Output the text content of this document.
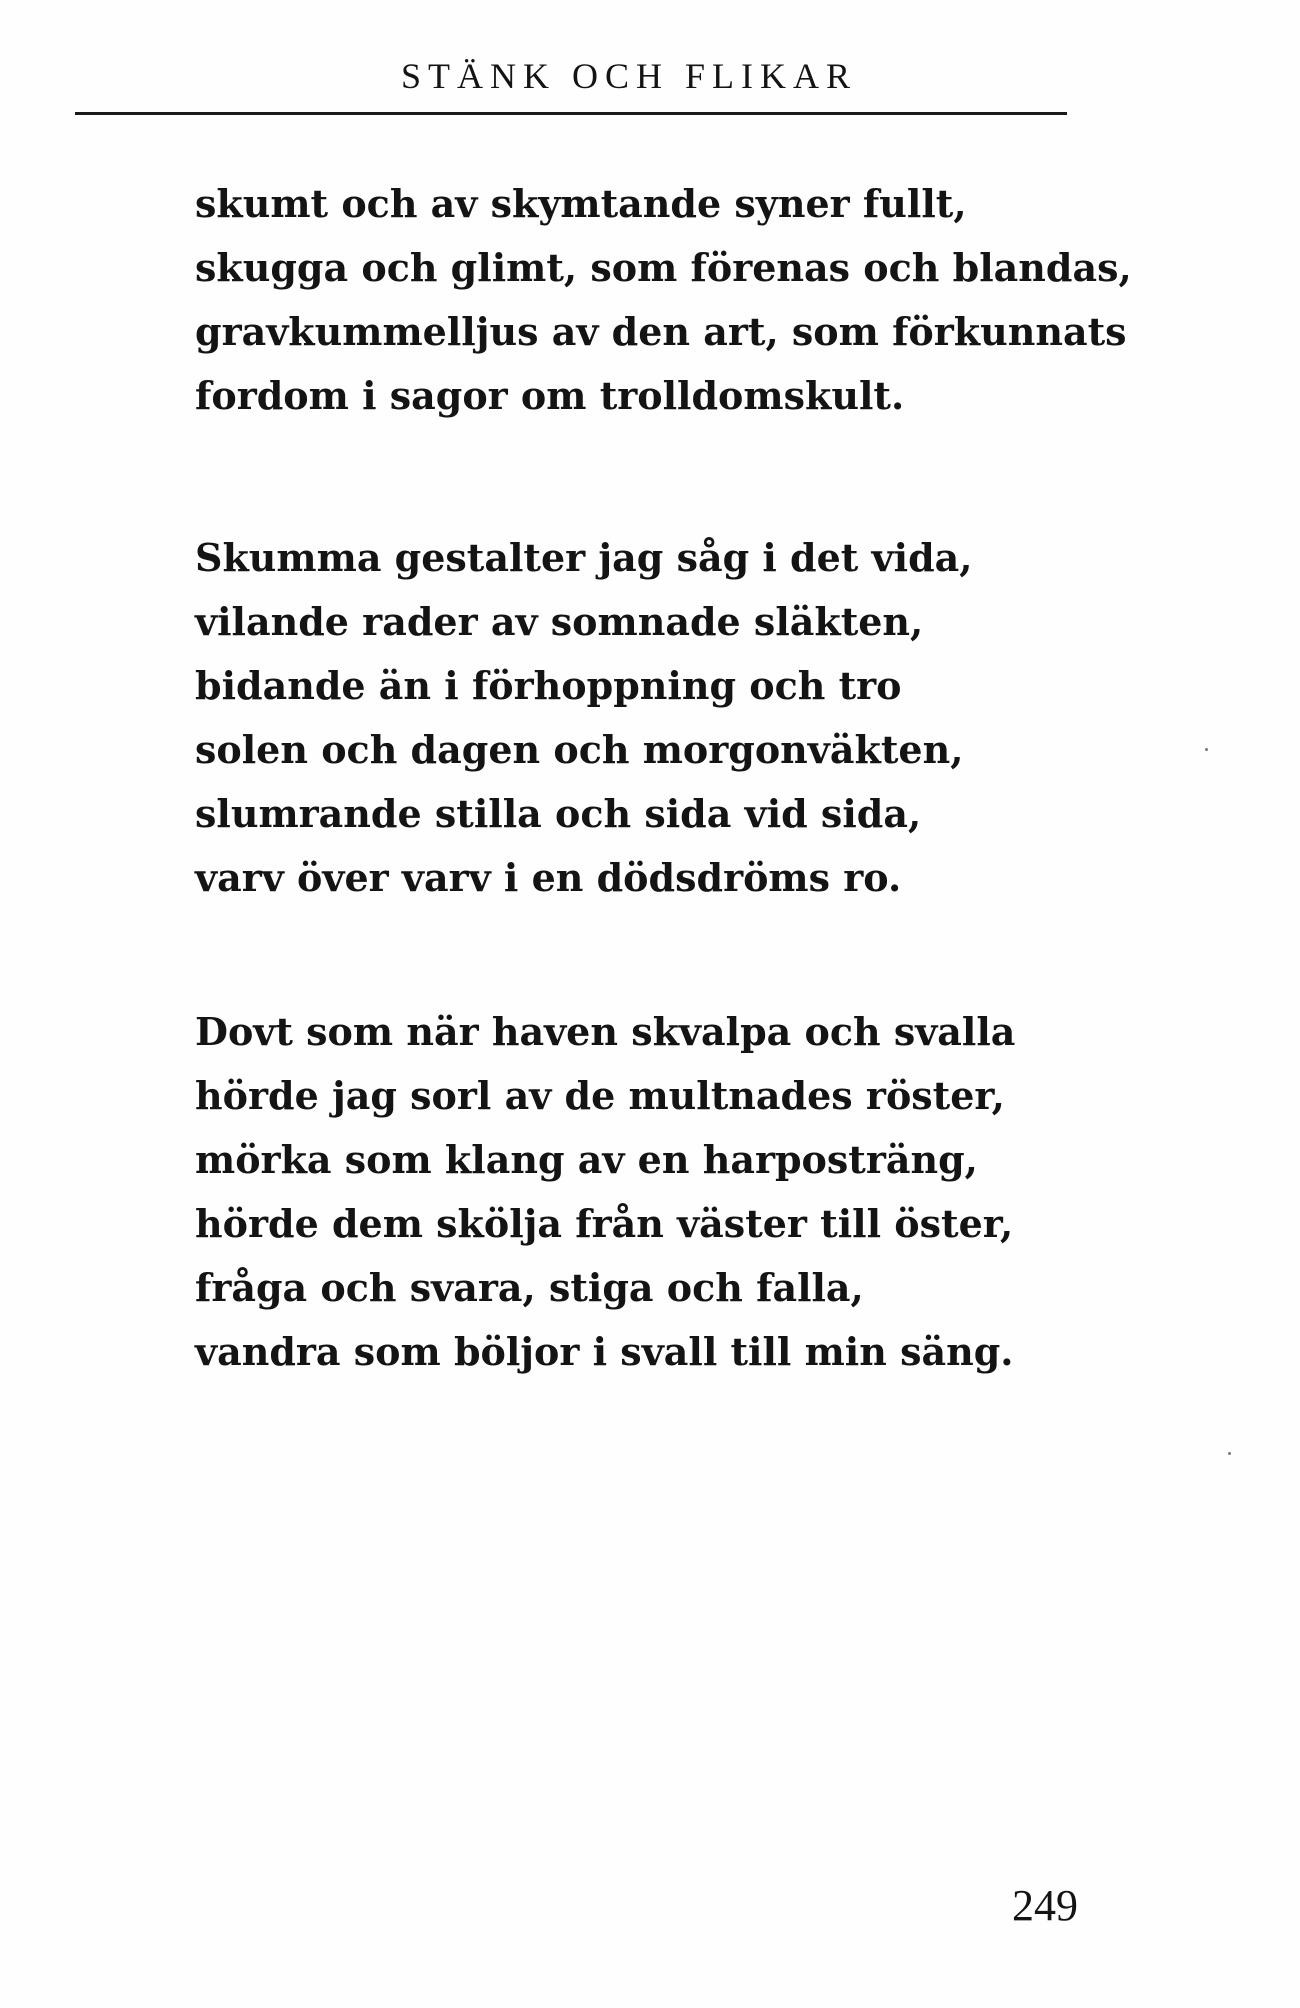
STÄNK OCH FLIKAR
skumt och av skymtande syner fullt,
skugga och glimt, som förenas och blandas,
gravkummelljus av den art, som förkunnats
fordom i sagor om trolldomskult.
Skumma gestalter jag såg i det vida,
vilande rader av somnade släkten,
bidande än i förhoppning och tro
solen och dagen och morgonväkten,
slumrande stilla och sida vid sida,
varv över varv i en dödsdröms ro.
Dovt som när haven skvalpa och svalla
hörde jag sorl av de multnades röster,
mörka som klang av en harposträng,
hörde dem skölja från väster till öster,
fråga och svara, stiga och falla,
vandra som böljor i svall till min säng.
249
